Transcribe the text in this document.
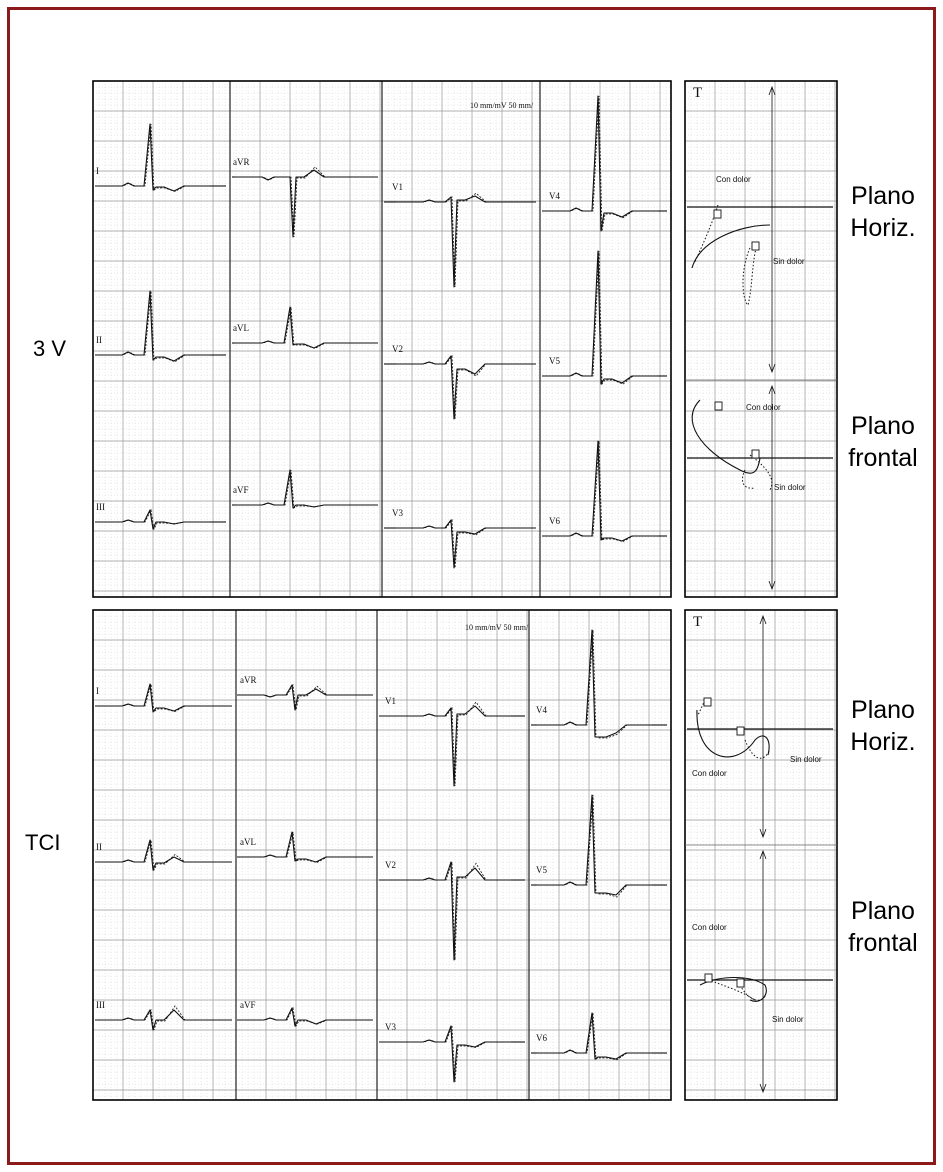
3 V
TCI
Plano
Horiz.
Plano
frontal
Plano
Horiz.
Plano
frontal
I
II
III
aVR
aVL
aVF
V1
V2
V3
V4
V5
V6
10 mm/mV 50 mm/
I
II
III
aVR
aVL
aVF
V1
V2
V3
V4
V5
V6
10 mm/mV 50 mm/
T
Con dolor
Sin dolor
Con dolor
Sin dolor
T
Con dolor
Sin dolor
Con dolor
Sin dolor
